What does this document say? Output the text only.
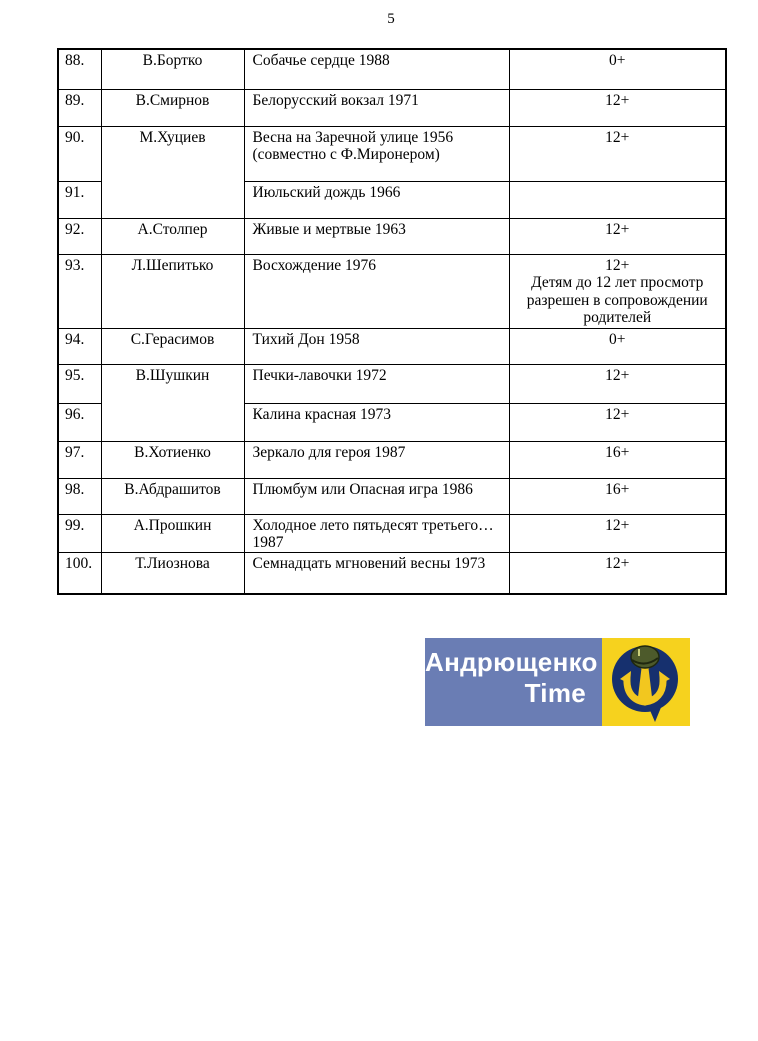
5
88.	В.Бортко	Собачье сердце 1988	0+

89.	В.Смирнов	Белорусский вокзал 1971	12+

90.	М.Хуциев	Весна на Заречной улице 1956 (совместно с Ф.Миронером)	12+

91.		Июльский дождь 1966	

92.	А.Столпер	Живые и мертвые 1963	12+

93.	Л.Шепитько	Восхождение 1976	12+
Детям до 12 лет просмотр разрешен в сопровождении родителей

94.	С.Герасимов	Тихий Дон 1958	0+

95.	В.Шушкин	Печки-лавочки 1972	12+

96.		Калина красная 1973	12+

97.	В.Хотиенко	Зеркало для героя 1987	16+

98.	В.Абдрашитов	Плюмбум или Опасная игра 1986	16+

99.	А.Прошкин	Холодное лето пятьдесят третьего…1987	12+

100.	Т.Лиознова	Семнадцать мгновений весны 1973	12+
Андрющенко
Time
